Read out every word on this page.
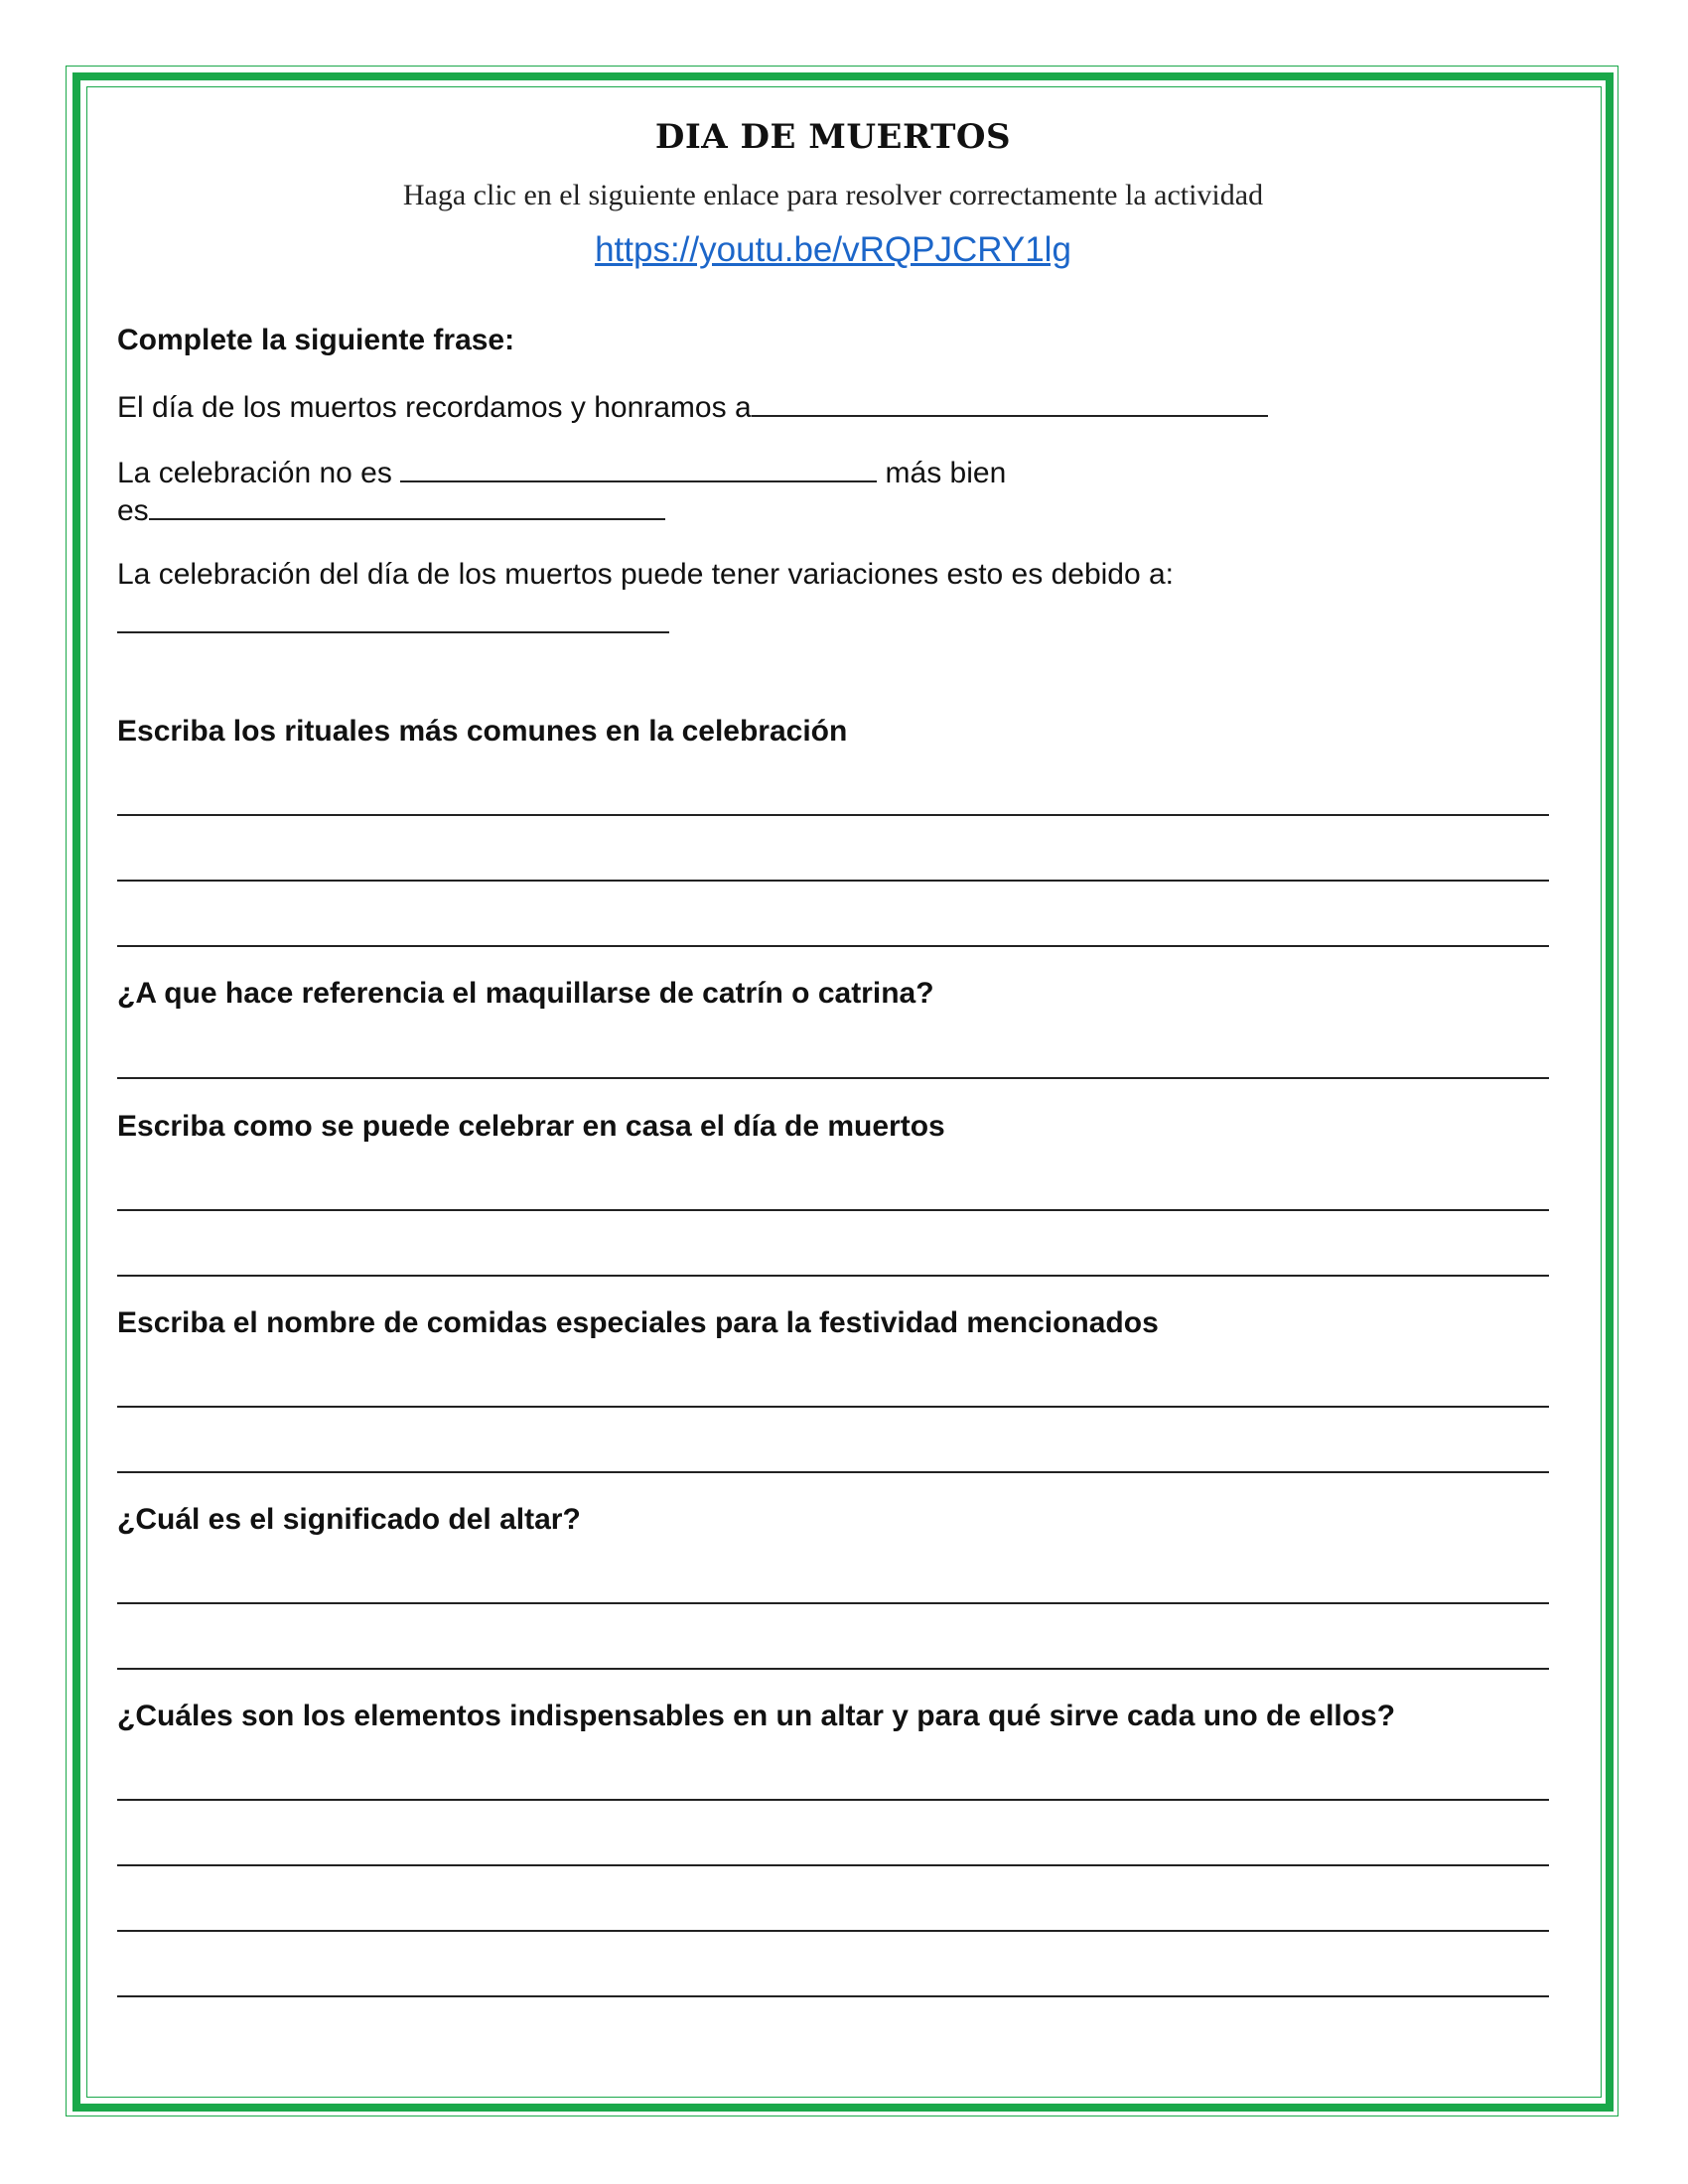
DIA DE MUERTOS
Haga clic en el siguiente enlace para resolver correctamente la actividad
https://youtu.be/vRQPJCRY1lg
Complete la siguiente frase:
El día de los muertos recordamos y honramos a
La celebración no es	más bien
es
La celebración del día de los muertos puede tener variaciones esto es debido a:
Escriba los rituales más comunes en la celebración
¿A que hace referencia el maquillarse de catrín o catrina?
Escriba como se puede celebrar en casa el día de muertos
Escriba el nombre de comidas especiales para la festividad mencionados
¿Cuál es el significado del altar?
¿Cuáles son los elementos indispensables en un altar y para qué sirve cada uno de ellos?
